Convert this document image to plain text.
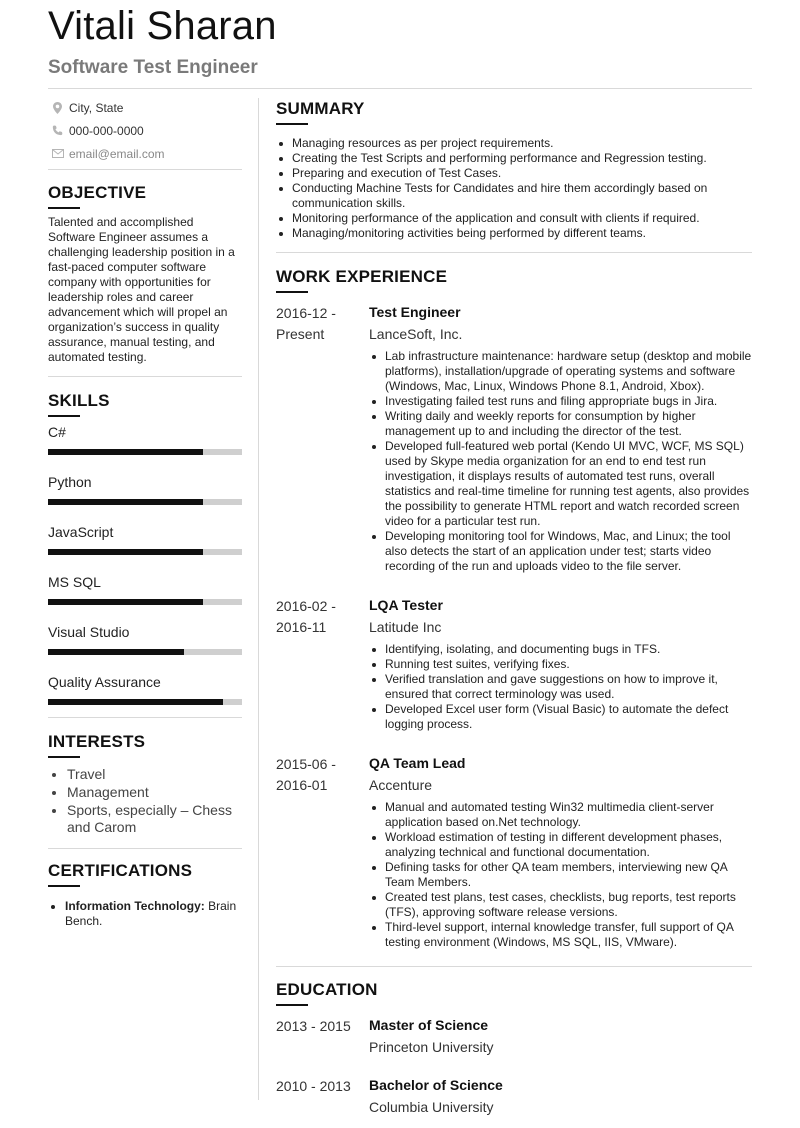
Vitali Sharan
Software Test Engineer
City, State
000-000-0000
email@email.com
OBJECTIVE

Talented and accomplished Software Engineer assumes a challenging leadership position in a fast-paced computer software company with opportunities for leadership roles and career advancement which will propel an organization’s success in quality assurance, manual testing, and automated testing.

SKILLS
C#
Python
JavaScript
MS SQL
Visual Studio
Quality Assurance
INTERESTS
Travel
Management
Sports, especially – Chess and Carom
CERTIFICATIONS
Information Technology: Brain Bench.
SUMMARY
Managing resources as per project requirements.
Creating the Test Scripts and performing performance and Regression testing.
Preparing and execution of Test Cases.
Conducting Machine Tests for Candidates and hire them accordingly based on communication skills.
Monitoring performance of the application and consult with clients if required.
Managing/monitoring activities being performed by different teams.
WORK EXPERIENCE
2016-12 -
Present
Test Engineer
LanceSoft, Inc.
Lab infrastructure maintenance: hardware setup (desktop and mobile platforms), installation/upgrade of operating systems and software (Windows, Mac, Linux, Windows Phone 8.1, Android, Xbox).
Investigating failed test runs and filing appropriate bugs in Jira.
Writing daily and weekly reports for consumption by higher management up to and including the director of the test.
Developed full-featured web portal (Kendo UI MVC, WCF, MS SQL) used by Skype media organization for an end to end test run investigation, it displays results of automated test runs, overall statistics and real-time timeline for running test agents, also provides the possibility to generate HTML report and watch recorded screen video for a particular test run.
Developing monitoring tool for Windows, Mac, and Linux; the tool also detects the start of an application under test; starts video recording of the run and uploads video to the file server.
2016-02 -
2016-11
LQA Tester
Latitude Inc
Identifying, isolating, and documenting bugs in TFS.
Running test suites, verifying fixes.
Verified translation and gave suggestions on how to improve it, ensured that correct terminology was used.
Developed Excel user form (Visual Basic) to automate the defect logging process.
2015-06 -
2016-01
QA Team Lead
Accenture
Manual and automated testing Win32 multimedia client-server application based on.Net technology.
Workload estimation of testing in different development phases, analyzing technical and functional documentation.
Defining tasks for other QA team members, interviewing new QA Team Members.
Created test plans, test cases, checklists, bug reports, test reports (TFS), approving software release versions.
Third-level support, internal knowledge transfer, full support of QA testing environment (Windows, MS SQL, IIS, VMware).
EDUCATION
2013 - 2015	Master of Science
Princeton University
2010 - 2013	Bachelor of Science
Columbia University
